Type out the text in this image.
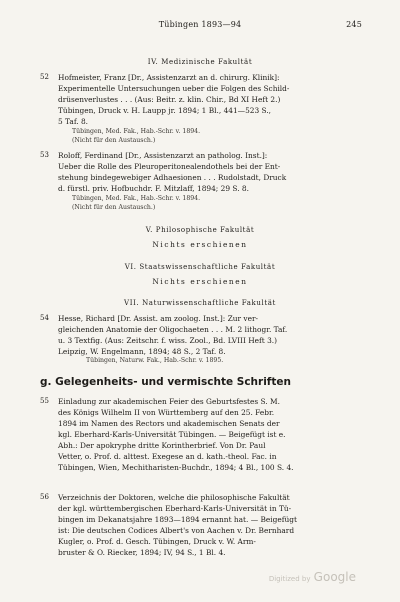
Tübingen 1893—94	245
IV. Medizinische Fakultät
52 Hofmeister, Franz [Dr., Assistenzarzt an d. chirurg. Klinik]:
Experimentelle Untersuchungen ueber die Folgen des Schild-
drüsenverlustes . . . (Aus: Beitr. z. klin. Chir., Bd XI Heft 2.)
Tübingen, Druck v. H. Laupp jr. 1894; 1 Bl., 441—523 S.,
5 Taf. 8.
Tübingen, Med. Fak., Hab.-Schr. v. 1894.
(Nicht für den Austausch.)
53 Roloff, Ferdinand [Dr., Assistenzarzt an patholog. Inst.]:
Ueber die Rolle des Pleuroperitonealendothels bei der Ent-
stehung bindegewebiger Adhaesionen . . . Rudolstadt, Druck
d. fürstl. priv. Hofbuchdr. F. Mitzlaff, 1894; 29 S. 8.
Tübingen, Med. Fak., Hab.-Schr. v. 1894.
(Nicht für den Austausch.)
V. Philosophische Fakultät
Nichts erschienen
VI. Staatswissenschaftliche Fakultät
Nichts erschienen
VII. Naturwissenschaftliche Fakultät
54 Hesse, Richard [Dr. Assist. am zoolog. Inst.]: Zur ver-
gleichenden Anatomie der Oligochaeten . . . M. 2 lithogr. Taf.
u. 3 Textfig. (Aus: Zeitschr. f. wiss. Zool., Bd. LVIII Heft 3.)
Leipzig, W. Engelmann, 1894; 48 S., 2 Taf. 8.
Tübingen, Naturw. Fak., Hab.-Schr. v. 1895.
g. Gelegenheits- und vermischte Schriften
55 Einladung zur akademischen Feier des Geburtsfestes S. M.
des Königs Wilhelm II von Württemberg auf den 25. Febr.
1894 im Namen des Rectors und akademischen Senats der
kgl. Eberhard-Karls-Universität Tübingen. — Beigefügt ist e.
Abh.: Der apokryphe dritte Korintherbrief. Von Dr. Paul
Vetter, o. Prof. d. alttest. Exegese an d. kath.-theol. Fac. in
Tübingen, Wien, Mechitharisten-Buchdr., 1894; 4 Bl., 100 S. 4.
56 Verzeichnis der Doktoren, welche die philosophische Fakultät
der kgl. württembergischen Eberhard-Karls-Universität in Tü-
bingen im Dekanatsjahre 1893—1894 ernannt hat. — Beigefügt
ist: Die deutschen Codices Albert's von Aachen v. Dr. Bernhard
Kugler, o. Prof. d. Gesch. Tübingen, Druck v. W. Arm-
bruster & O. Riecker, 1894; IV, 94 S., 1 Bl. 4.
Digitized by Google
